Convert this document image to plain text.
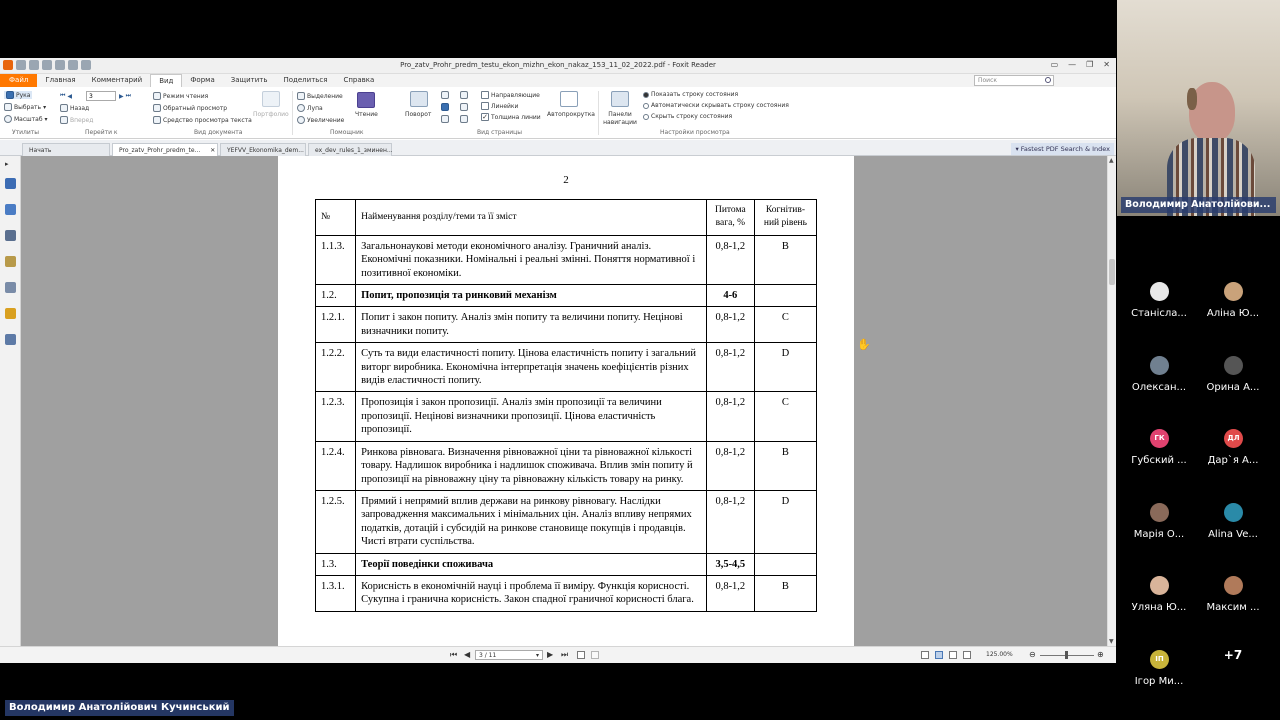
Pro_zatv_Prohr_predm_testu_ekon_mizhn_ekon_nakaz_153_11_02_2022.pdf - Foxit Reader	▭ — ❐ ✕
Файл	Главная	Комментарий	Вид	Форма	Защитить	Поделиться	Справка	Поиск
Рука
Выбрать ▾
Масштаб ▾
⏮ ◀	3	▶ ⏭
Назад
Вперед
Режим чтения
Обратный просмотр
Средство просмотра текста
Портфолио
Выделение
Лупа
Увеличение
Чтение	Поворот
Направляющие
Линейки
✓ Толщина линии Автопрокрутка	Панели навигации
Показать строку состояния
Автоматически скрывать строку состояния
Скрыть строку состояния
Утилиты	Перейти к	Вид документа	Помощник	Вид страницы	Настройки просмотра
Начать	Pro_zatv_Prohr_predm_te... ✕	YEFVV_Ekonomika_dem...	ex_dev_rules_1_зминен...	▾ Fastest PDF Search & Index
▸
2
№	Найменування розділу/теми та її зміст	Питома вага, %	Когнітив-ний рівень
1.1.3.	Загальнонаукові методи економічного аналізу. Граничний аналіз. Економічні показники. Номінальні і реальні змінні. Поняття нормативної і позитивної економіки.	0,8-1,2	B
1.2.	Попит, пропозиція та ринковий механізм	4-6	
1.2.1.	Попит і закон попиту. Аналіз змін попиту та величини попиту. Нецінові визначники попиту.	0,8-1,2	C
1.2.2.	Суть та види еластичності попиту. Цінова еластичність попиту і загальний виторг виробника. Економічна інтерпретація значень коефіцієнтів різних видів еластичності попиту.	0,8-1,2	D
1.2.3.	Пропозиція і закон пропозиції. Аналіз змін пропозиції та величини пропозиції. Нецінові визначники пропозиції. Цінова еластичність пропозиції.	0,8-1,2	C
1.2.4.	Ринкова рівновага. Визначення рівноважної ціни та рівноважної кількості товару. Надлишок виробника і надлишок споживача. Вплив змін попиту й пропозиції на рівноважну ціну та рівноважну кількість товару на ринку.	0,8-1,2	B
1.2.5.	Прямий і непрямий вплив держави на ринкову рівновагу. Наслідки запровадження максимальних і мінімальних цін. Аналіз впливу непрямих податків, дотацій і субсидій на ринкове становище покупців і продавців. Чисті втрати суспільства.	0,8-1,2	D
1.3.	Теорії поведінки споживача	3,5-4,5	
1.3.1.	Корисність в економічній науці і проблема її виміру. Функція корисності. Сукупна і гранична корисність. Закон спадної граничної корисності блага.	0,8-1,2	B
✋
▲
▼
⏮ ◀	3 / 11	▾ ▶ ⏭	125.00% ⊖	⊕
Володимир Анатолійови...
Станісла...	Аліна Ю...
Олексан...	Орина А...
ГК
Губский ...
ДЛ
Дар`я А...
Марія О...	Alina Ve...
Уляна Ю...	Максим ...
ІП
Ігор Ми...
+7
Володимир Анатолійович Кучинський
